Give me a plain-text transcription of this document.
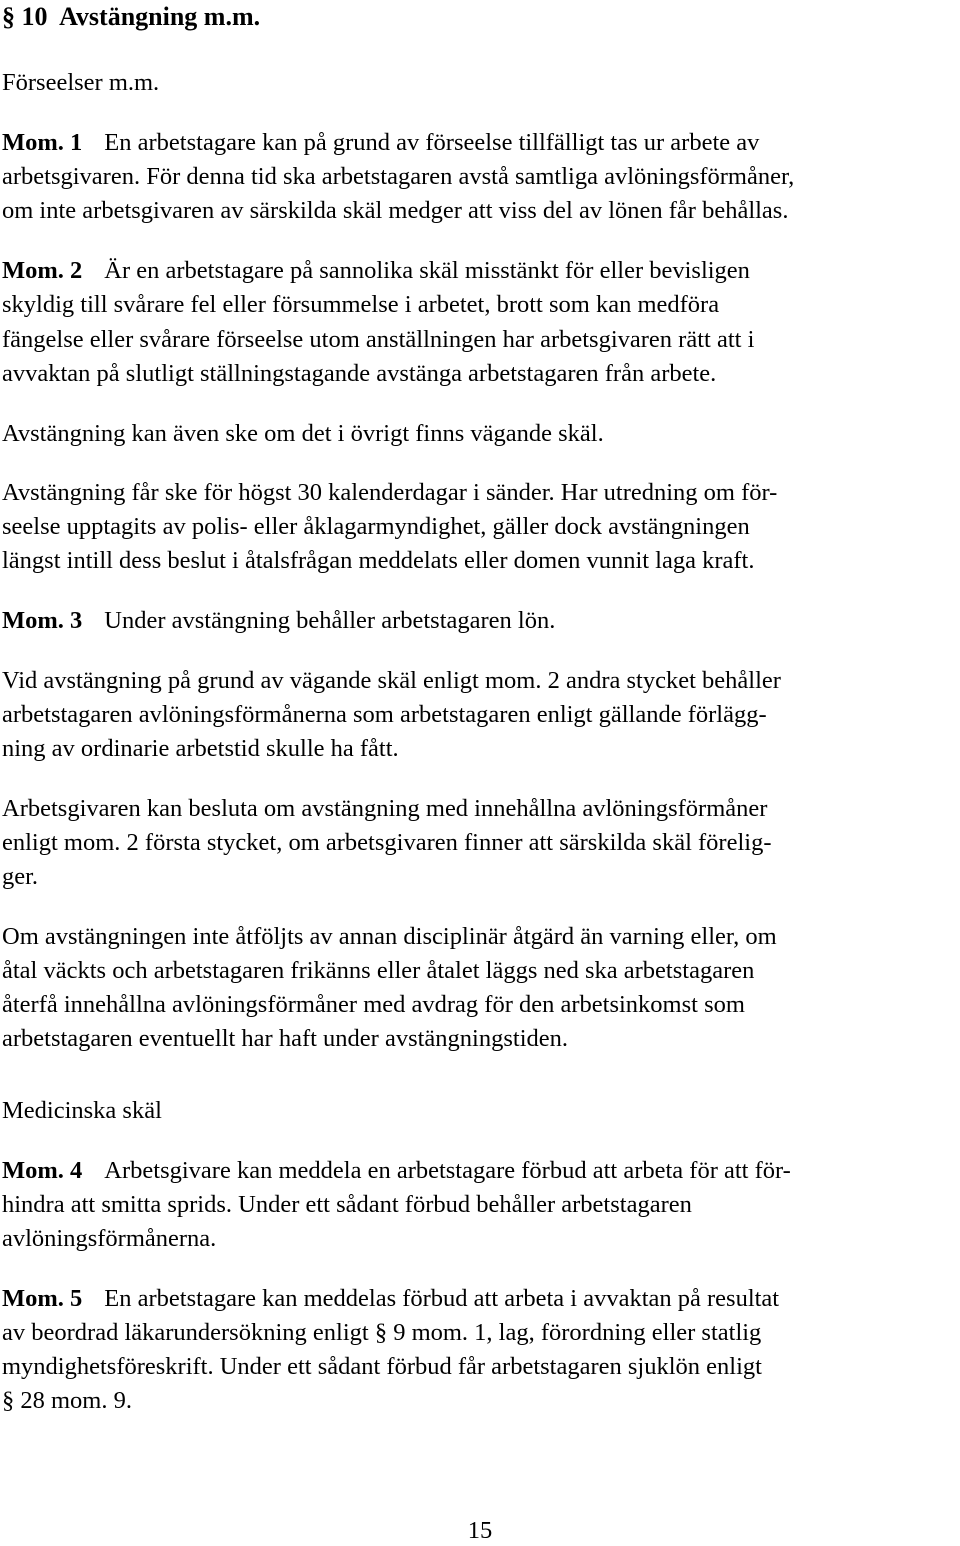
§ 10 Avstängning m.m.
Förseelser m.m.
Mom. 1 En arbetstagare kan på grund av förseelse tillfälligt tas ur arbete av
arbetsgivaren. För denna tid ska arbetstagaren avstå samtliga avlöningsförmåner,
om inte arbetsgivaren av särskilda skäl medger att viss del av lönen får behållas.
Mom. 2 Är en arbetstagare på sannolika skäl misstänkt för eller bevisligen
skyldig till svårare fel eller försummelse i arbetet, brott som kan medföra
fängelse eller svårare förseelse utom anställningen har arbetsgivaren rätt att i
avvaktan på slutligt ställningstagande avstänga arbetstagaren från arbete.
Avstängning kan även ske om det i övrigt finns vägande skäl.
Avstängning får ske för högst 30 kalenderdagar i sänder. Har utredning om för-
seelse upptagits av polis- eller åklagarmyndighet, gäller dock avstängningen
längst intill dess beslut i åtalsfrågan meddelats eller domen vunnit laga kraft.
Mom. 3 Under avstängning behåller arbetstagaren lön.
Vid avstängning på grund av vägande skäl enligt mom. 2 andra stycket behåller
arbetstagaren avlöningsförmånerna som arbetstagaren enligt gällande förlägg-
ning av ordinarie arbetstid skulle ha fått.
Arbetsgivaren kan besluta om avstängning med innehållna avlöningsförmåner
enligt mom. 2 första stycket, om arbetsgivaren finner att särskilda skäl förelig-
ger.
Om avstängningen inte åtföljts av annan disciplinär åtgärd än varning eller, om
åtal väckts och arbetstagaren frikänns eller åtalet läggs ned ska arbetstagaren
återfå innehållna avlöningsförmåner med avdrag för den arbetsinkomst som
arbetstagaren eventuellt har haft under avstängningstiden.
Medicinska skäl
Mom. 4 Arbetsgivare kan meddela en arbetstagare förbud att arbeta för att för-
hindra att smitta sprids. Under ett sådant förbud behåller arbetstagaren
avlöningsförmånerna.
Mom. 5 En arbetstagare kan meddelas förbud att arbeta i avvaktan på resultat
av beordrad läkarundersökning enligt § 9 mom. 1, lag, förordning eller statlig
myndighetsföreskrift. Under ett sådant förbud får arbetstagaren sjuklön enligt
§ 28 mom. 9.
15
